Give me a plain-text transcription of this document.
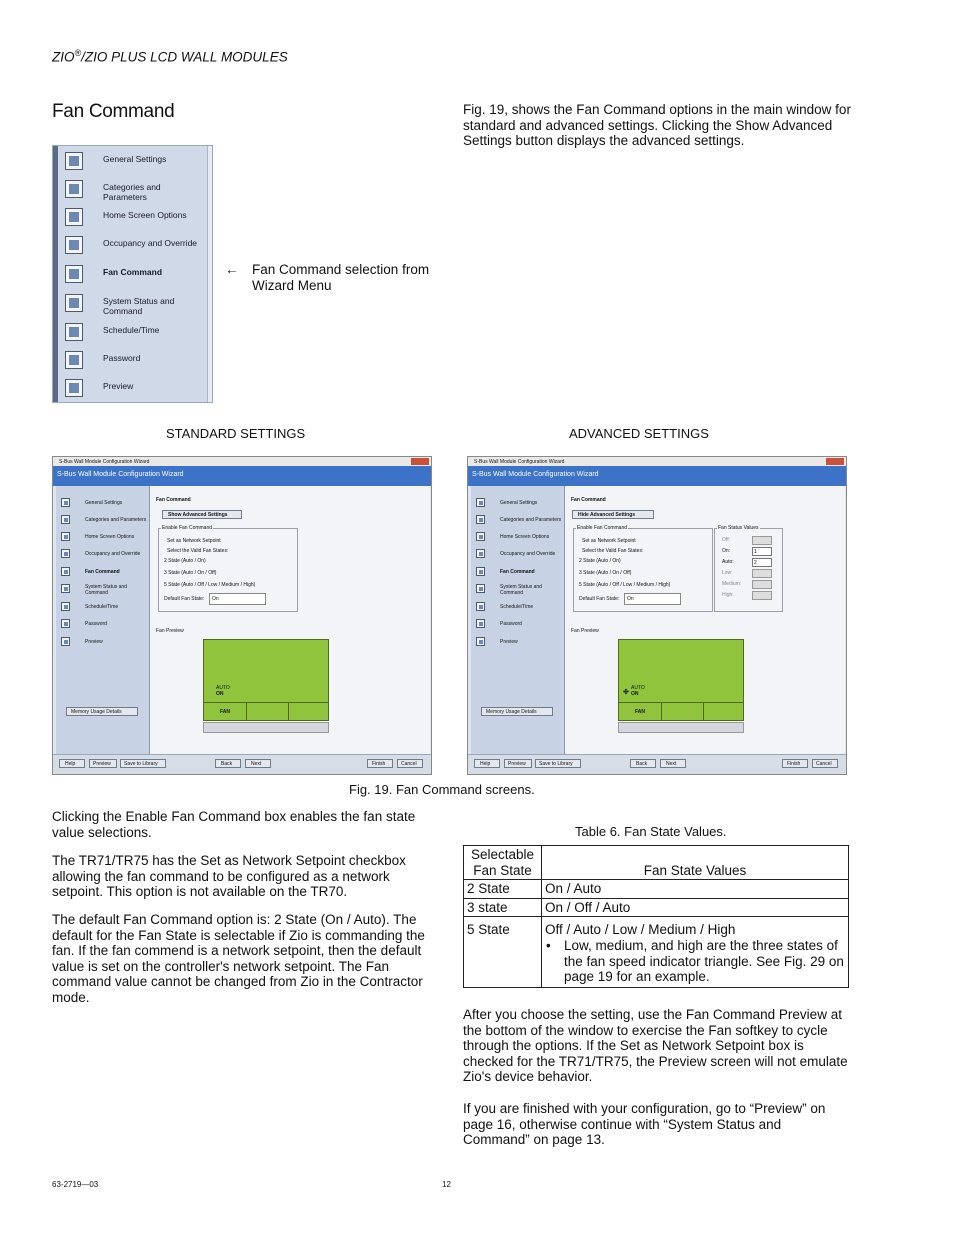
ZIO®/ZIO PLUS LCD WALL MODULES
Fan Command	Fig. 19, shows the Fan Command options in the main window for standard and advanced settings. Clicking the Show Advanced Settings button displays the advanced settings.
General Settings
Categories and Parameters
Home Screen Options
Occupancy and Override
Fan Command
System Status and Command
Schedule/Time
Password
Preview
← Fan Command selection from Wizard Menu
STANDARD SETTINGS	ADVANCED SETTINGS
S-Bus Wall Module Configuration Wizard
S-Bus Wall Module Configuration Wizard
General Settings
Categories and Parameters
Home Screen Options
Occupancy and Override
Fan Command
System Status and Command
Schedule/Time
Password
Preview
Memory Usage Details
Fan Command
Show Advanced Settings
Enable Fan Command
Set as Network Setpoint
Select the Valid Fan States:
2 State (Auto / On)
3 State (Auto / On / Off)
5 State (Auto / Off / Low / Medium / High)
Default Fan State: On
Fan Preview
AUTO
ON
FAN
Help	Preview	Save to Library	Back	Next	Finish	Cancel
S-Bus Wall Module Configuration Wizard
S-Bus Wall Module Configuration Wizard
General Settings
Categories and Parameters
Home Screen Options
Occupancy and Override
Fan Command
System Status and Command
Schedule/Time
Password
Preview
Memory Usage Details
Fan Command
Hide Advanced Settings
Enable Fan Command
Set as Network Setpoint
Select the Valid Fan States:
2 State (Auto / On)
3 State (Auto / On / Off)
5 State (Auto / Off / Low / Medium / High)
Default Fan State: On
Fan Status Values
Off:
On:
Auto:
Low:
Medium:
High:
1
2
Fan Preview
✤
AUTO
ON
FAN
Help	Preview	Save to Library	Back	Next	Finish	Cancel
Fig. 19. Fan Command screens.
Clicking the Enable Fan Command box enables the fan state value selections.
The TR71/TR75 has the Set as Network Setpoint checkbox allowing the fan command to be configured as a network setpoint. This option is not available on the TR70.
The default Fan Command option is: 2 State (On / Auto). The default for the Fan State is selectable if Zio is commanding the fan. If the fan commend is a network setpoint, then the default value is set on the controller's network setpoint. The Fan command value cannot be changed from Zio in the Contractor mode.
Table 6. Fan State Values.
Selectable Fan State	Fan State Values
2 State	On / Auto
3 state	On / Off / Auto
5 State	Off / Auto / Low / Medium / High
• Low, medium, and high are the three states of the fan speed indicator triangle. See Fig. 29 on page 19 for an example.
After you choose the setting, use the Fan Command Preview at the bottom of the window to exercise the Fan softkey to cycle through the options. If the Set as Network Setpoint box is checked for the TR71/TR75, the Preview screen will not emulate Zio's device behavior.
If you are finished with your configuration, go to “Preview” on page 16, otherwise continue with “System Status and Command” on page 13.
63-2719—03	12
